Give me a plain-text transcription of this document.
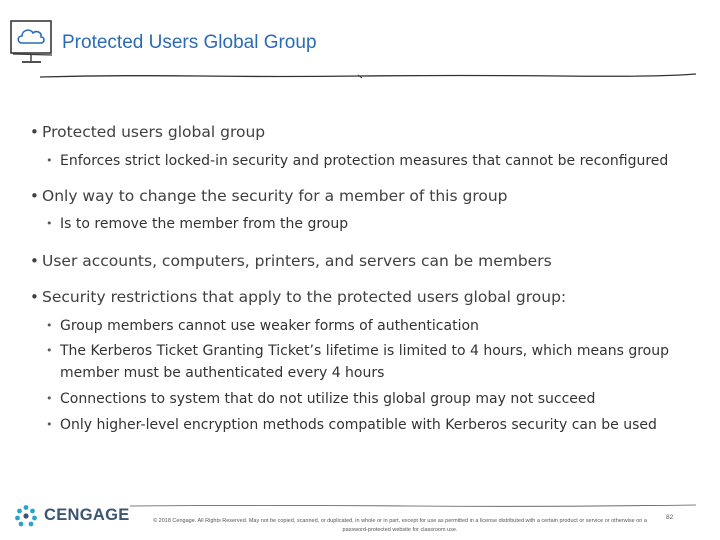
Protected Users Global Group
• Protected users global group
• Enforces strict locked-in security and protection measures that cannot be reconfigured
• Only way to change the security for a member of this group
• Is to remove the member from the group
• User accounts, computers, printers, and servers can be members
• Security restrictions that apply to the protected users global group:
• Group members cannot use weaker forms of authentication
• The Kerberos Ticket Granting Ticket’s lifetime is limited to 4 hours, which means group member must be authenticated every 4 hours
• Connections to system that do not utilize this global group may not succeed
• Only higher-level encryption methods compatible with Kerberos security can be used
CENGAGE	© 2018 Cengage. All Rights Reserved. May not be copied, scanned, or duplicated, in whole or in part, except for use as permitted in a license distributed with a certain product or service or otherwise on a password-protected website for classroom use.
82
